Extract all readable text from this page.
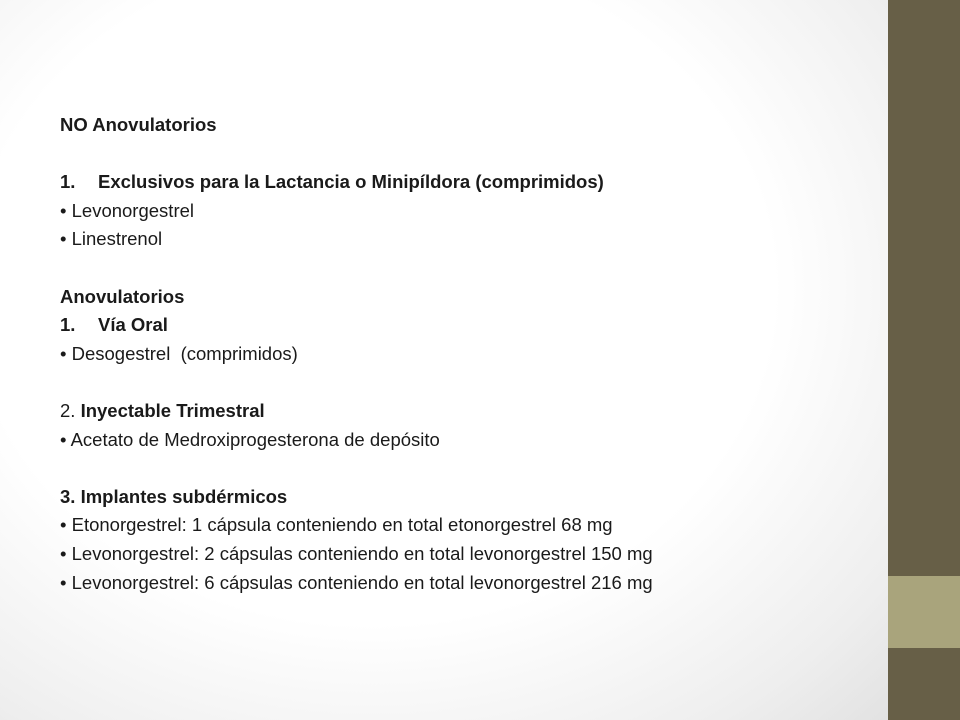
NO Anovulatorios
1. Exclusivos para la Lactancia o Minipíldora (comprimidos)
• Levonorgestrel
• Linestrenol
Anovulatorios
1. Vía Oral
• Desogestrel  (comprimidos)
2. Inyectable Trimestral
• Acetato de Medroxiprogesterona de depósito
3. Implantes subdérmicos
• Etonorgestrel: 1 cápsula conteniendo en total etonorgestrel 68 mg
• Levonorgestrel: 2 cápsulas conteniendo en total levonorgestrel 150 mg
• Levonorgestrel: 6 cápsulas conteniendo en total levonorgestrel 216 mg
